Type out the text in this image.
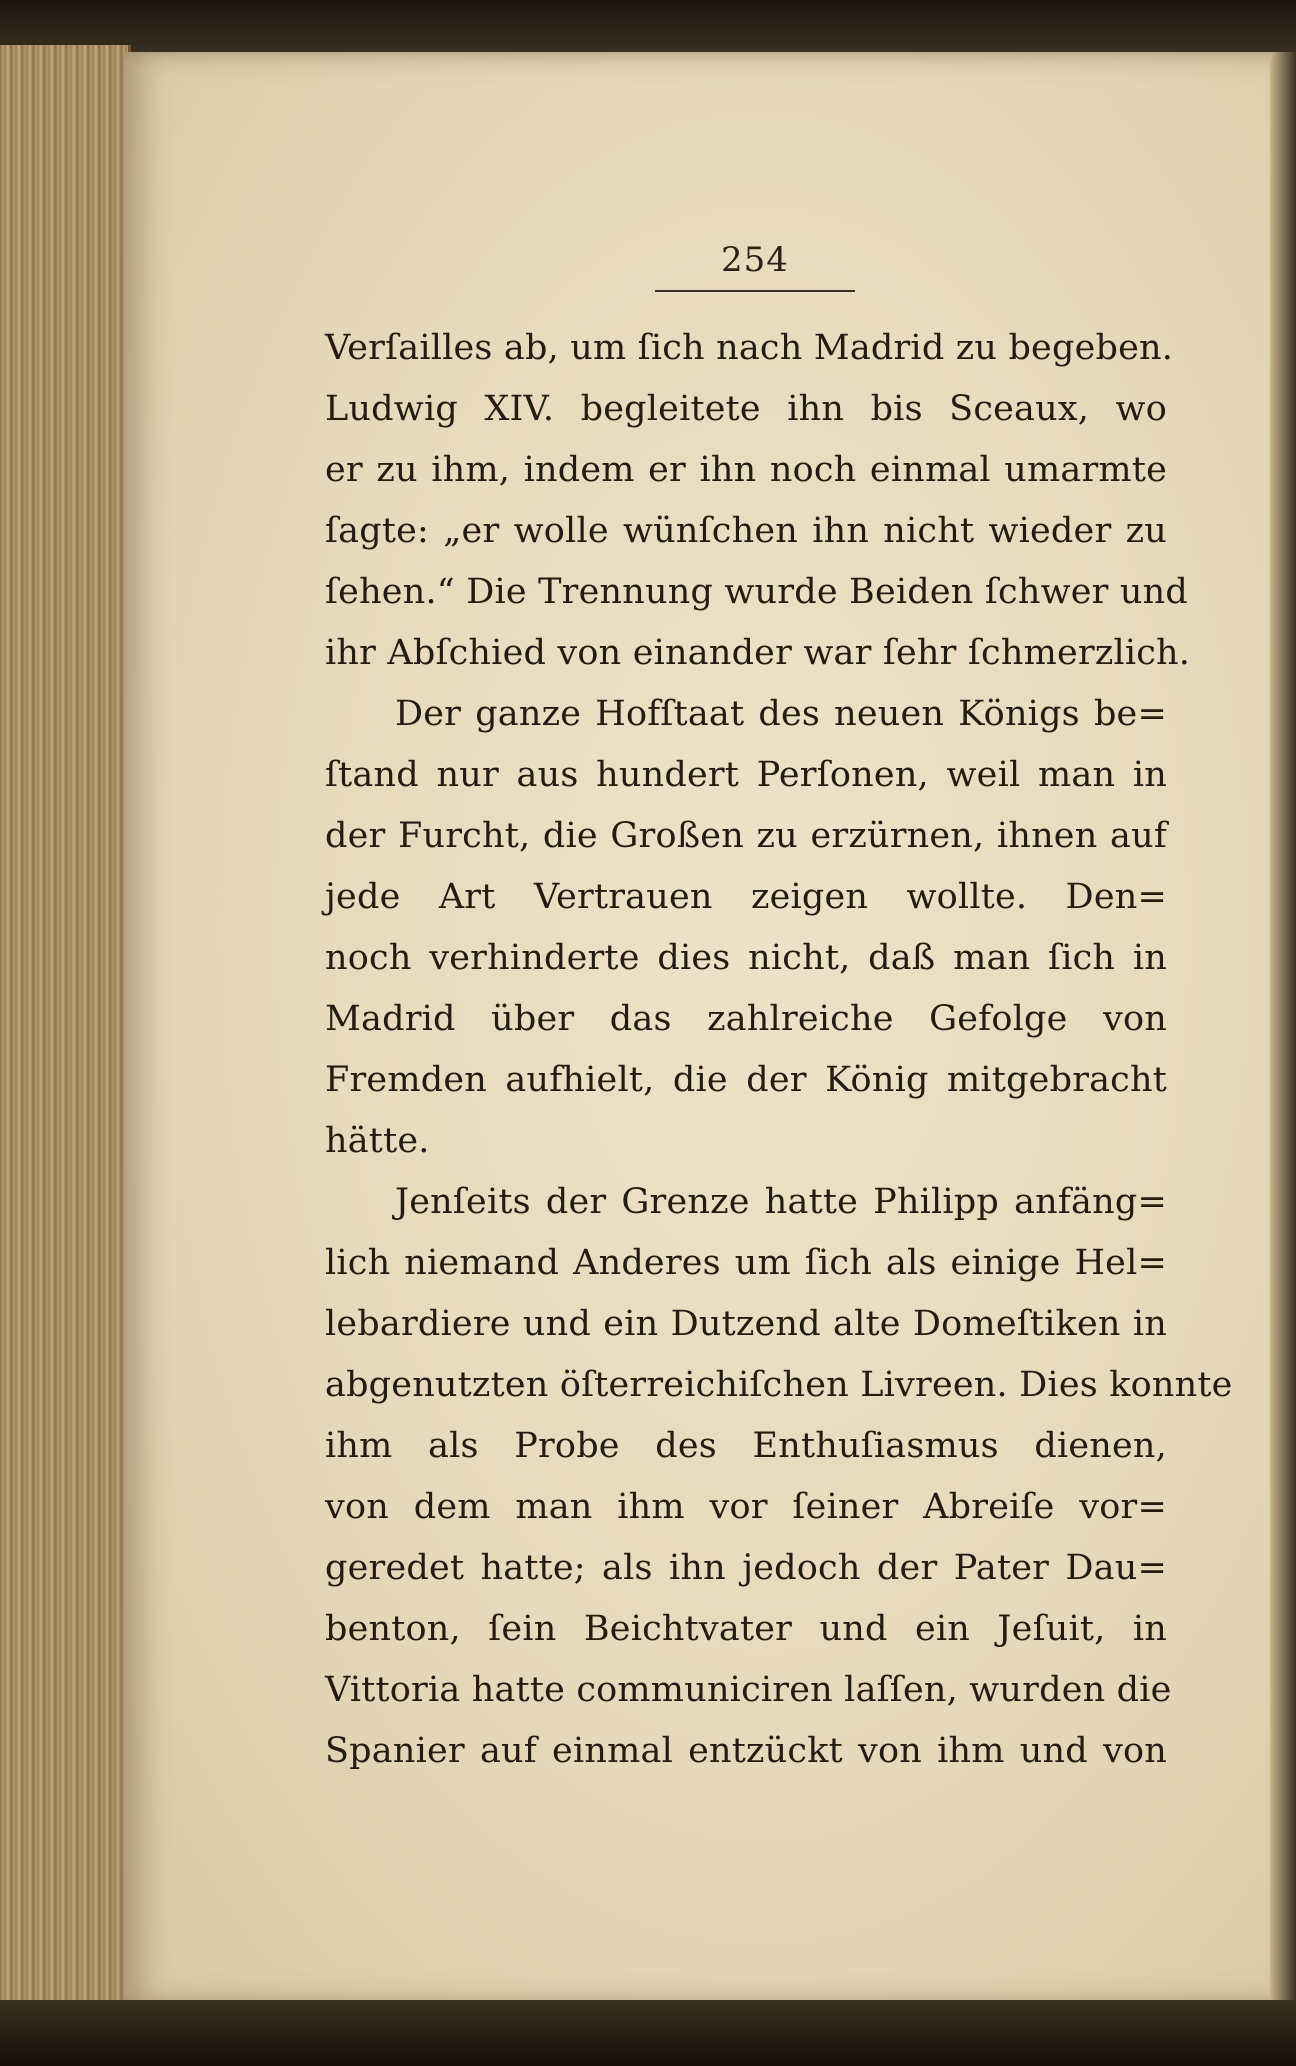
254
Verſailles ab, um ſich nach Madrid zu begeben.
Ludwig XIV. begleitete ihn bis Sceaux, wo
er zu ihm, indem er ihn noch einmal umarmte
ſagte: „er wolle wünſchen ihn nicht wieder zu
ſehen.“ Die Trennung wurde Beiden ſchwer und
ihr Abſchied von einander war ſehr ſchmerzlich.
Der ganze Hofſtaat des neuen Königs be=
ſtand nur aus hundert Perſonen, weil man in
der Furcht, die Großen zu erzürnen, ihnen auf
jede Art Vertrauen zeigen wollte. Den=
noch verhinderte dies nicht, daß man ſich in
Madrid über das zahlreiche Gefolge von
Fremden aufhielt, die der König mitgebracht
hätte.
Jenſeits der Grenze hatte Philipp anfäng=
lich niemand Anderes um ſich als einige Hel=
lebardiere und ein Dutzend alte Domeſtiken in
abgenutzten öſterreichiſchen Livreen. Dies konnte
ihm als Probe des Enthuſiasmus dienen,
von dem man ihm vor ſeiner Abreiſe vor=
geredet hatte; als ihn jedoch der Pater Dau=
benton, ſein Beichtvater und ein Jeſuit, in
Vittoria hatte communiciren laſſen, wurden die
Spanier auf einmal entzückt von ihm und von
